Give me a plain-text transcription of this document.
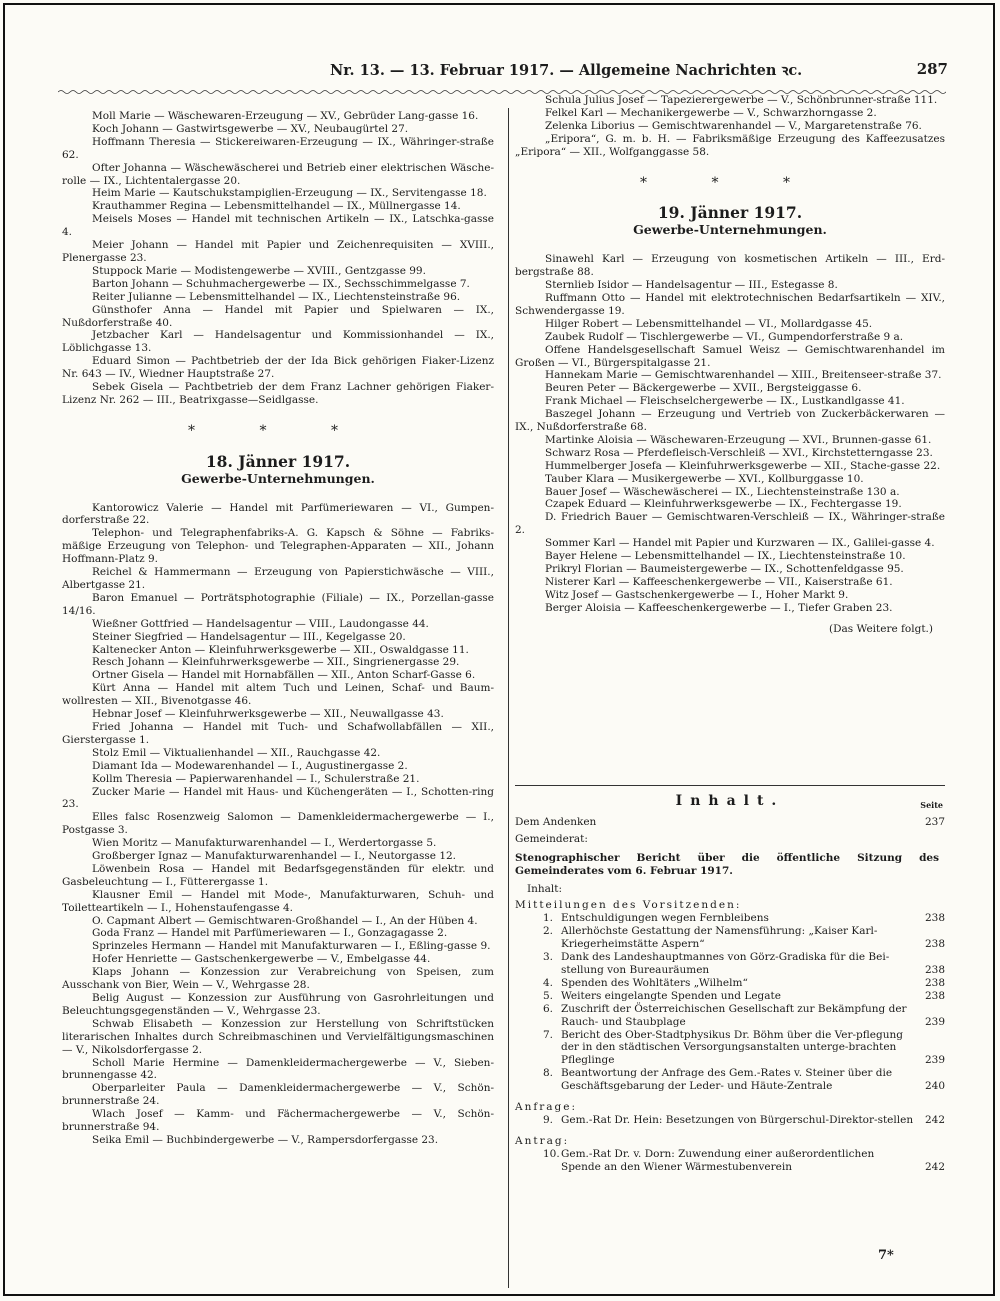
Nr. 13. — 13. Februar 1917. — Allgemeine Nachrichten ꝛc.	287

Moll Marie — Wäschewaren-Erzeugung — XV., Gebrüder Lang-gasse 16.

Koch Johann — Gastwirtsgewerbe — XV., Neubaugürtel 27.

Hoffmann Theresia — Stickereiwaren-Erzeugung — IX., Währinger-straße 62.

Ofter Johanna — Wäschewäscherei und Betrieb einer elektrischen Wäsche-rolle — IX., Lichtentalergasse 20.

Heim Marie — Kautschukstampiglien-Erzeugung — IX., Servitengasse 18.

Krauthammer Regina — Lebensmittelhandel — IX., Müllnergasse 14.

Meisels Moses — Handel mit technischen Artikeln — IX., Latschka-gasse 4.

Meier Johann — Handel mit Papier und Zeichenrequisiten — XVIII., Plenergasse 23.

Stuppock Marie — Modistengewerbe — XVIII., Gentzgasse 99.

Barton Johann — Schuhmachergewerbe — IX., Sechsschimmelgasse 7.

Reiter Julianne — Lebensmittelhandel — IX., Liechtensteinstraße 96.

Günsthofer Anna — Handel mit Papier und Spielwaren — IX., Nußdorferstraße 40.

Jetzbacher Karl — Handelsagentur und Kommissionhandel — IX., Löblichgasse 13.

Eduard Simon — Pachtbetrieb der der Ida Bick gehörigen Fiaker-Lizenz Nr. 643 — IV., Wiedner Hauptstraße 27.

Sebek Gisela — Pachtbetrieb der dem Franz Lachner gehörigen Fiaker-Lizenz Nr. 262 — III., Beatrixgasse—Seidlgasse.

* * *
18. Jänner 1917.
Gewerbe-Unternehmungen.

Kantorowicz Valerie — Handel mit Parfümeriewaren — VI., Gumpen-dorferstraße 22.

Telephon- und Telegraphenfabriks-A. G. Kapsch & Söhne — Fabriks-mäßige Erzeugung von Telephon- und Telegraphen-Apparaten — XII., Johann Hoffmann-Platz 9.

Reichel & Hammermann — Erzeugung von Papierstichwäsche — VIII., Albertgasse 21.

Baron Emanuel — Porträtsphotographie (Filiale) — IX., Porzellan-gasse 14/16.

Wießner Gottfried — Handelsagentur — VIII., Laudongasse 44.

Steiner Siegfried — Handelsagentur — III., Kegelgasse 20.

Kaltenecker Anton — Kleinfuhrwerksgewerbe — XII., Oswaldgasse 11.

Resch Johann — Kleinfuhrwerksgewerbe — XII., Singrienergasse 29.

Ortner Gisela — Handel mit Hornabfällen — XII., Anton Scharf-Gasse 6.

Kürt Anna — Handel mit altem Tuch und Leinen, Schaf- und Baum-wollresten — XII., Bivenotgasse 46.

Hebnar Josef — Kleinfuhrwerksgewerbe — XII., Neuwallgasse 43.

Fried Johanna — Handel mit Tuch- und Schafwollabfällen — XII., Gierstergasse 1.

Stolz Emil — Viktualienhandel — XII., Rauchgasse 42.

Diamant Ida — Modewarenhandel — I., Augustinergasse 2.

Kollm Theresia — Papierwarenhandel — I., Schulerstraße 21.

Zucker Marie — Handel mit Haus- und Küchengeräten — I., Schotten-ring 23.

Elles falsc Rosenzweig Salomon — Damenkleidermachergewerbe — I., Postgasse 3.

Wien Moritz — Manufakturwarenhandel — I., Werdertorgasse 5.

Großberger Ignaz — Manufakturwarenhandel — I., Neutorgasse 12.

Löwenbein Rosa — Handel mit Bedarfsgegenständen für elektr. und Gasbeleuchtung — I., Fütterergasse 1.

Klausner Emil — Handel mit Mode-, Manufakturwaren, Schuh- und Toiletteartikeln — I., Hohenstaufengasse 4.

O. Capmant Albert — Gemischtwaren-Großhandel — I., An der Hüben 4.

Goda Franz — Handel mit Parfümeriewaren — I., Gonzagagasse 2.

Sprinzeles Hermann — Handel mit Manufakturwaren — I., Eßling-gasse 9.

Hofer Henriette — Gastschenkergewerbe — V., Embelgasse 44.

Klaps Johann — Konzession zur Verabreichung von Speisen, zum Ausschank von Bier, Wein — V., Wehrgasse 28.

Belig August — Konzession zur Ausführung von Gasrohrleitungen und Beleuchtungsgegenständen — V., Wehrgasse 23.

Schwab Elisabeth — Konzession zur Herstellung von Schriftstücken literarischen Inhaltes durch Schreibmaschinen und Vervielfältigungsmaschinen — V., Nikolsdorfergasse 2.

Scholl Marie Hermine — Damenkleidermachergewerbe — V., Sieben-brunnengasse 42.

Oberparleiter Paula — Damenkleidermachergewerbe — V., Schön-brunnerstraße 24.

Wlach Josef — Kamm- und Fächermachergewerbe — V., Schön-brunnerstraße 94.

Seika Emil — Buchbindergewerbe — V., Rampersdorfergasse 23.

Schula Julius Josef — Tapezierergewerbe — V., Schönbrunner-straße 111.

Felkel Karl — Mechanikergewerbe — V., Schwarzhorngasse 2.

Zelenka Liborius — Gemischtwarenhandel — V., Margaretenstraße 76.

„Eripora“, G. m. b. H. — Fabriksmäßige Erzeugung des Kaffeezusatzes „Eripora“ — XII., Wolfganggasse 58.

* * *
19. Jänner 1917.
Gewerbe-Unternehmungen.

Sinawehl Karl — Erzeugung von kosmetischen Artikeln — III., Erd-bergstraße 88.

Sternlieb Isidor — Handelsagentur — III., Estegasse 8.

Ruffmann Otto — Handel mit elektrotechnischen Bedarfsartikeln — XIV., Schwendergasse 19.

Hilger Robert — Lebensmittelhandel — VI., Mollardgasse 45.

Zaubek Rudolf — Tischlergewerbe — VI., Gumpendorferstraße 9 a.

Offene Handelsgesellschaft Samuel Weisz — Gemischtwarenhandel im Großen — VI., Bürgerspitalgasse 21.

Hannekam Marie — Gemischtwarenhandel — XIII., Breitenseer-straße 37.

Beuren Peter — Bäckergewerbe — XVII., Bergsteiggasse 6.

Frank Michael — Fleischselchergewerbe — IX., Lustkandlgasse 41.

Baszegel Johann — Erzeugung und Vertrieb von Zuckerbäckerwaren — IX., Nußdorferstraße 68.

Martinke Aloisia — Wäschewaren-Erzeugung — XVI., Brunnen-gasse 61.

Schwarz Rosa — Pferdefleisch-Verschleiß — XVI., Kirchstetterngasse 23.

Hummelberger Josefa — Kleinfuhrwerksgewerbe — XII., Stache-gasse 22.

Tauber Klara — Musikergewerbe — XVI., Kollburggasse 10.

Bauer Josef — Wäschewäscherei — IX., Liechtensteinstraße 130 a.

Czapek Eduard — Kleinfuhrwerksgewerbe — IX., Fechtergasse 19.

D. Friedrich Bauer — Gemischtwaren-Verschleiß — IX., Währinger-straße 2.

Sommer Karl — Handel mit Papier und Kurzwaren — IX., Galilei-gasse 4.

Bayer Helene — Lebensmittelhandel — IX., Liechtensteinstraße 10.

Prikryl Florian — Baumeistergewerbe — IX., Schottenfeldgasse 95.

Nisterer Karl — Kaffeeschenkergewerbe — VII., Kaiserstraße 61.

Witz Josef — Gastschenkergewerbe — I., Hoher Markt 9.

Berger Aloisia — Kaffeeschenkergewerbe — I., Tiefer Graben 23.

(Das Weitere folgt.)
Inhalt.	Seite
Dem Andenken	237
Gemeinderat:
Stenographischer Bericht über die öffentliche Sitzung des Gemeinderates vom 6. Februar 1917.
Inhalt:
Mitteilungen des Vorsitzenden:
1. Entschuldigungen wegen Fernbleibens	238
2. Allerhöchste Gestattung der Namensführung: „Kaiser Karl-Kriegerheimstätte Aspern“	238
3. Dank des Landeshauptmannes von Görz-Gradiska für die Bei-stellung von Bureauräumen	238
4. Spenden des Wohltäters „Wilhelm“	238
5. Weiters eingelangte Spenden und Legate	238
6. Zuschrift der Österreichischen Gesellschaft zur Bekämpfung der Rauch- und Staubplage	239
7. Bericht des Ober-Stadtphysikus Dr. Böhm über die Ver-pflegung der in den städtischen Versorgungsanstalten unterge-brachten Pfleglinge	239
8. Beantwortung der Anfrage des Gem.-Rates v. Steiner über die Geschäftsgebarung der Leder- und Häute-Zentrale	240
Anfrage:
9. Gem.-Rat Dr. Hein: Besetzungen von Bürgerschul-Direktor-stellen	242
Antrag:
10. Gem.-Rat Dr. v. Dorn: Zuwendung einer außerordentlichen Spende an den Wiener Wärmestubenverein	242
7*
